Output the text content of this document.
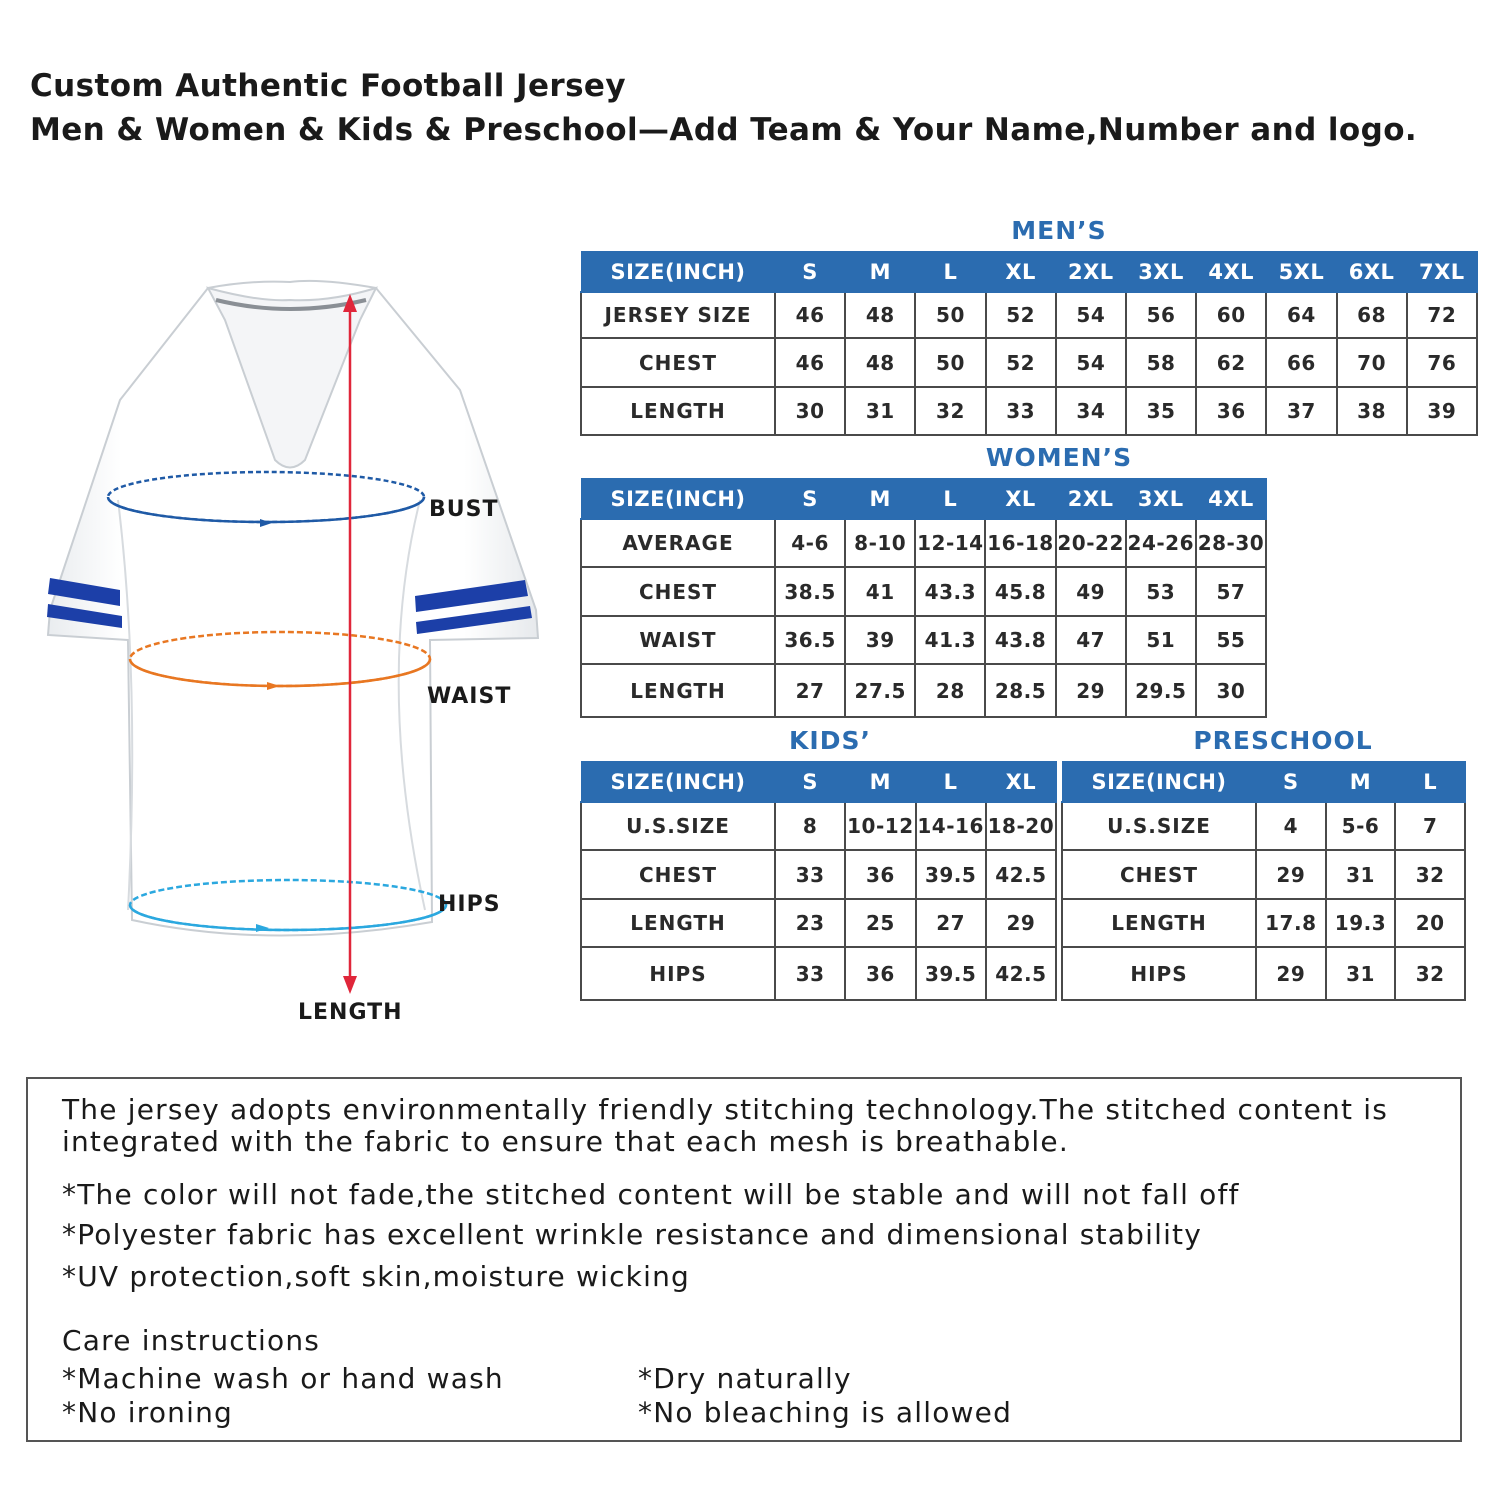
Custom Authentic Football Jersey
Men & Women & Kids & Preschool—Add Team & Your Name,Number and logo.
BUST
WAIST
HIPS
LENGTH
MEN’S
SIZE(INCH)	S	M	L	XL	2XL	3XL	4XL	5XL	6XL	7XL
JERSEY SIZE	46	48	50	52	54	56	60	64	68	72
CHEST	46	48	50	52	54	58	62	66	70	76
LENGTH	30	31	32	33	34	35	36	37	38	39
WOMEN’S
SIZE(INCH)	S	M	L	XL	2XL	3XL	4XL
AVERAGE	4-6	8-10	12-14	16-18	20-22	24-26	28-30
CHEST	38.5	41	43.3	45.8	49	53	57
WAIST	36.5	39	41.3	43.8	47	51	55
LENGTH	27	27.5	28	28.5	29	29.5	30
KIDS’
SIZE(INCH)	S	M	L	XL
U.S.SIZE	8	10-12	14-16	18-20
CHEST	33	36	39.5	42.5
LENGTH	23	25	27	29
HIPS	33	36	39.5	42.5
PRESCHOOL
SIZE(INCH)	S	M	L
U.S.SIZE	4	5-6	7
CHEST	29	31	32
LENGTH	17.8	19.3	20
HIPS	29	31	32

The jersey adopts environmentally friendly stitching technology.The stitched content is

integrated with the fabric to ensure that each mesh is breathable.

*The color will not fade,the stitched content will be stable and will not fall off

*Polyester fabric has excellent wrinkle resistance and dimensional stability

*UV protection,soft skin,moisture wicking

Care instructions

*Machine wash or hand wash	*Dry naturally

*No ironing	*No bleaching is allowed
